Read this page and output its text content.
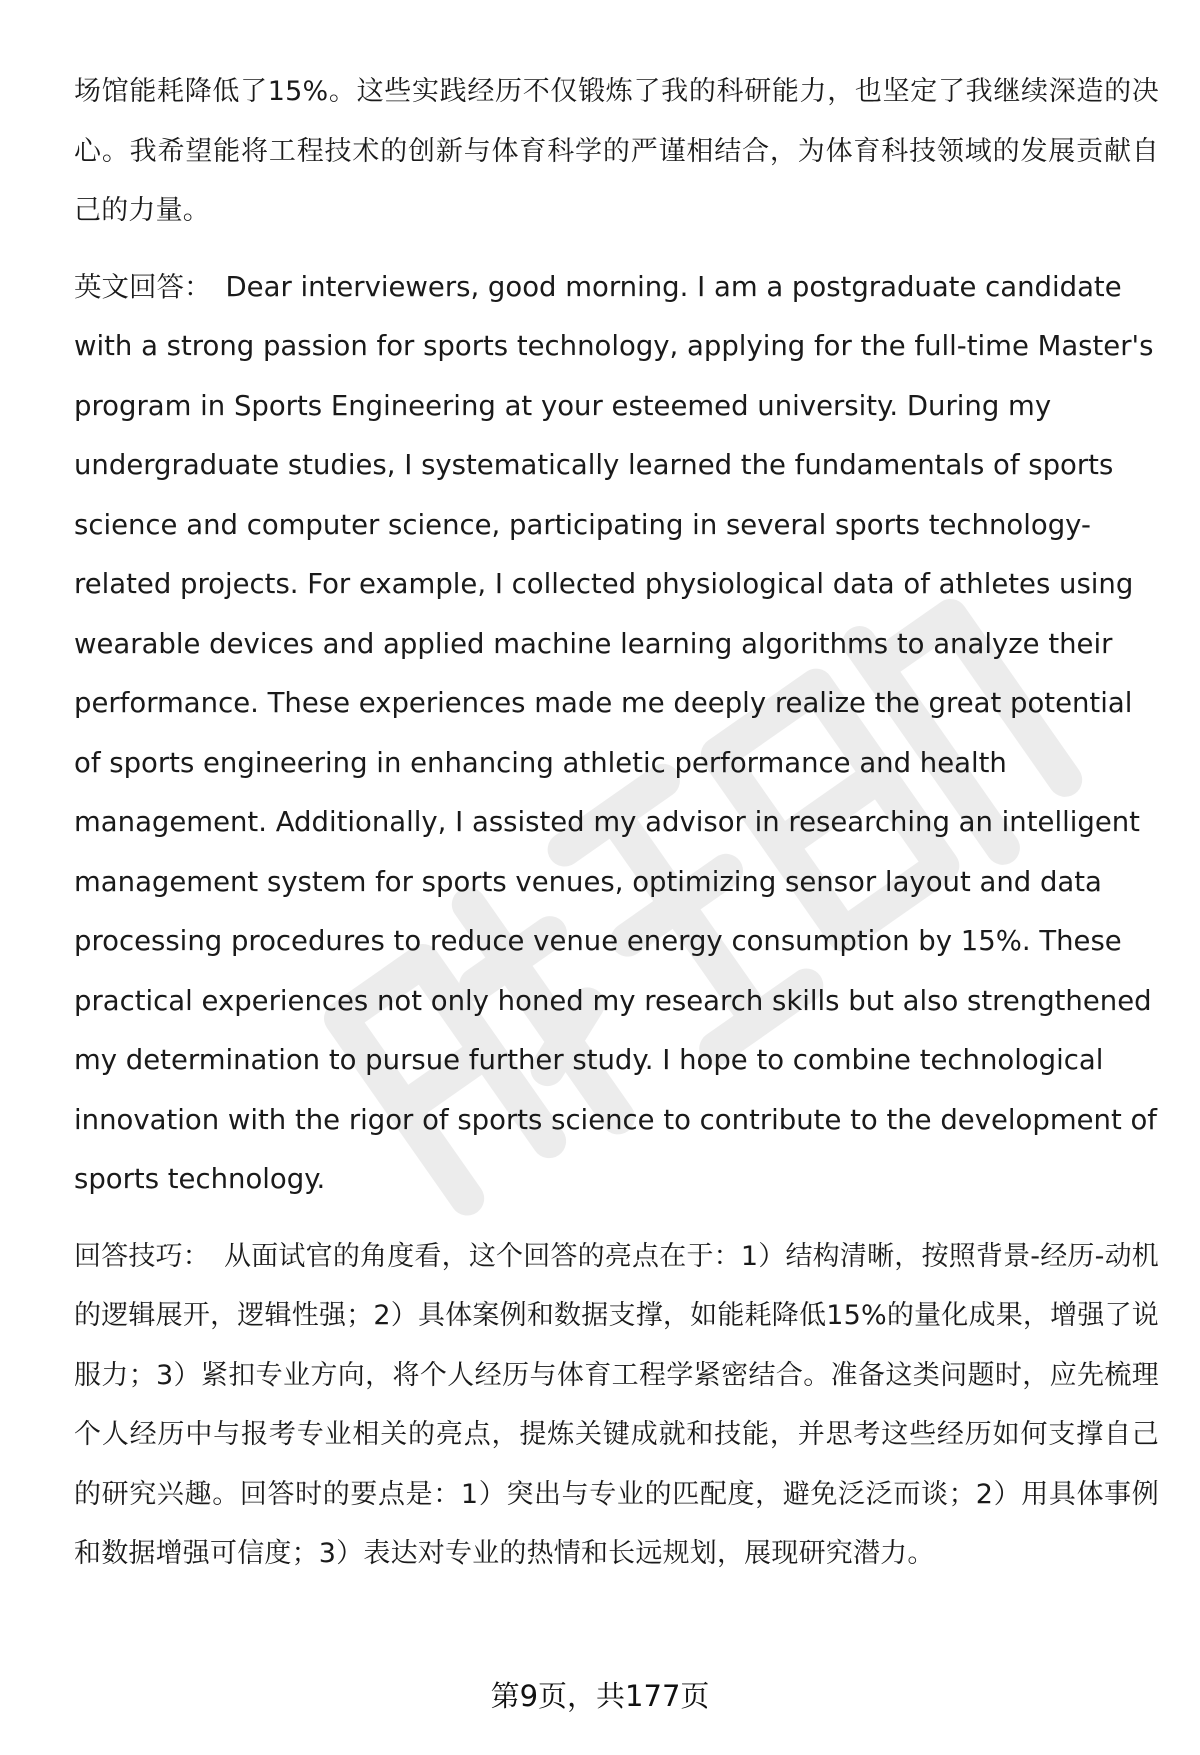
场馆能耗降低了15%。这些实践经历不仅锻炼了我的科研能力，也坚定了我继续深造的决心。我希望能将工程技术的创新与体育科学的严谨相结合，为体育科技领域的发展贡献自己的力量。

英文回答： Dear interviewers, good morning. I am a postgraduate candidate with a strong passion for sports technology, applying for the full-time Master's program in Sports Engineering at your esteemed university. During my undergraduate studies, I systematically learned the fundamentals of sports science and computer science, participating in several sports technology-related projects. For example, I collected physiological data of athletes using wearable devices and applied machine learning algorithms to analyze their performance. These experiences made me deeply realize the great potential of sports engineering in enhancing athletic performance and health management. Additionally, I assisted my advisor in researching an intelligent management system for sports venues, optimizing sensor layout and data processing procedures to reduce venue energy consumption by 15%. These practical experiences not only honed my research skills but also strengthened my determination to pursue further study. I hope to combine technological innovation with the rigor of sports science to contribute to the development of sports technology.

回答技巧： 从面试官的角度看，这个回答的亮点在于：1）结构清晰，按照背景-经历-动机的逻辑展开，逻辑性强；2）具体案例和数据支撑，如能耗降低15%的量化成果，增强了说服力；3）紧扣专业方向，将个人经历与体育工程学紧密结合。准备这类问题时，应先梳理个人经历中与报考专业相关的亮点，提炼关键成就和技能，并思考这些经历如何支撑自己的研究兴趣。回答时的要点是：1）突出与专业的匹配度，避免泛泛而谈；2）用具体事例和数据增强可信度；3）表达对专业的热情和长远规划，展现研究潜力。

第9页，共177页
